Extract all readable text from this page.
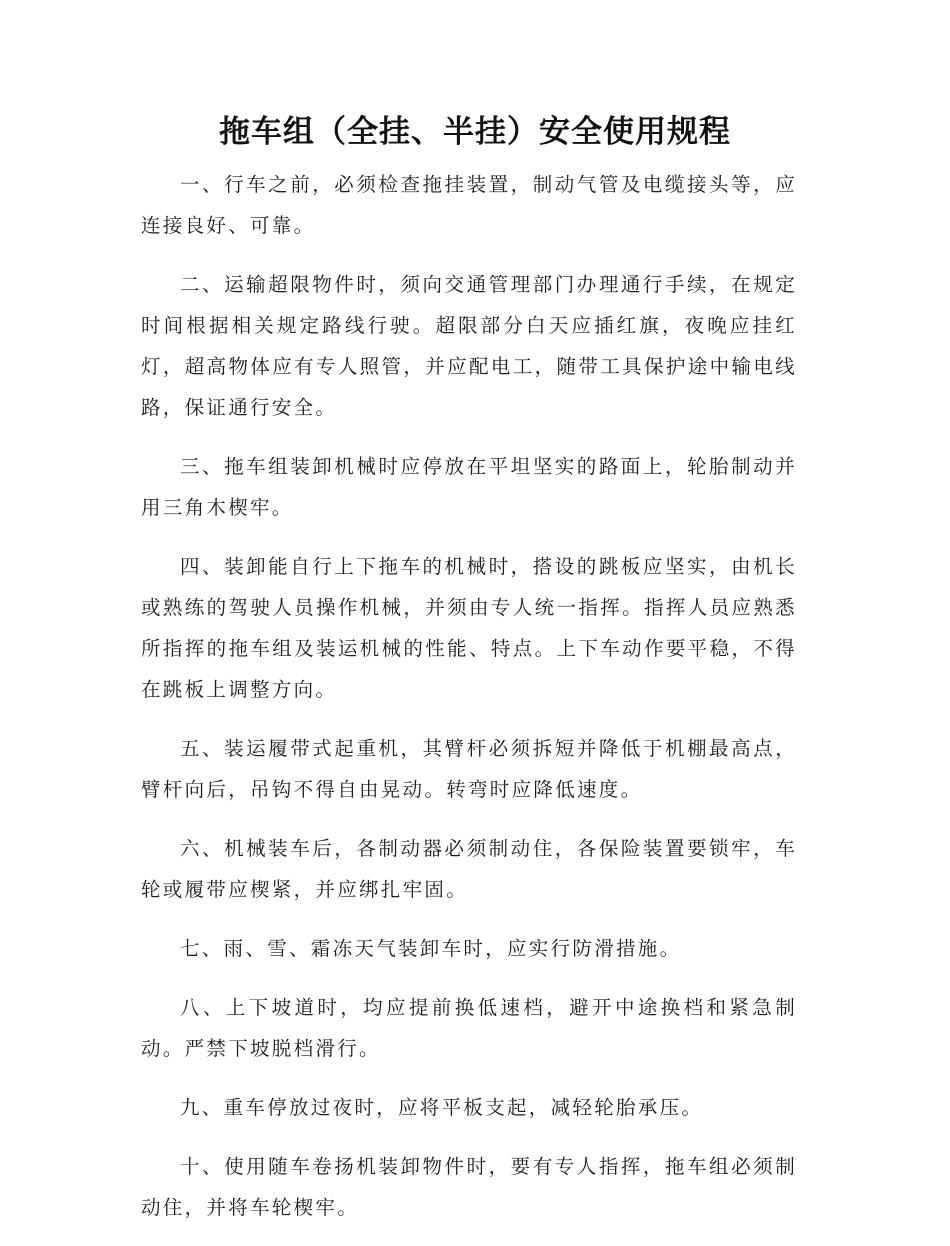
拖车组（全挂、半挂）安全使用规程

一、行车之前，必须检查拖挂装置，制动气管及电缆接头等，应连接良好、可靠。

二、运输超限物件时，须向交通管理部门办理通行手续，在规定时间根据相关规定路线行驶。超限部分白天应插红旗，夜晚应挂红灯，超高物体应有专人照管，并应配电工，随带工具保护途中输电线路，保证通行安全。

三、拖车组装卸机械时应停放在平坦坚实的路面上，轮胎制动并用三角木楔牢。

四、装卸能自行上下拖车的机械时，搭设的跳板应坚实，由机长或熟练的驾驶人员操作机械，并须由专人统一指挥。指挥人员应熟悉所指挥的拖车组及装运机械的性能、特点。上下车动作要平稳，不得在跳板上调整方向。

五、装运履带式起重机，其臂杆必须拆短并降低于机棚最高点，臂杆向后，吊钩不得自由晃动。转弯时应降低速度。

六、机械装车后，各制动器必须制动住，各保险装置要锁牢，车轮或履带应楔紧，并应绑扎牢固。

七、雨、雪、霜冻天气装卸车时，应实行防滑措施。

八、上下坡道时，均应提前换低速档，避开中途换档和紧急制动。严禁下坡脱档滑行。

九、重车停放过夜时，应将平板支起，减轻轮胎承压。

十、使用随车卷扬机装卸物件时，要有专人指挥，拖车组必须制动住，并将车轮楔牢。
